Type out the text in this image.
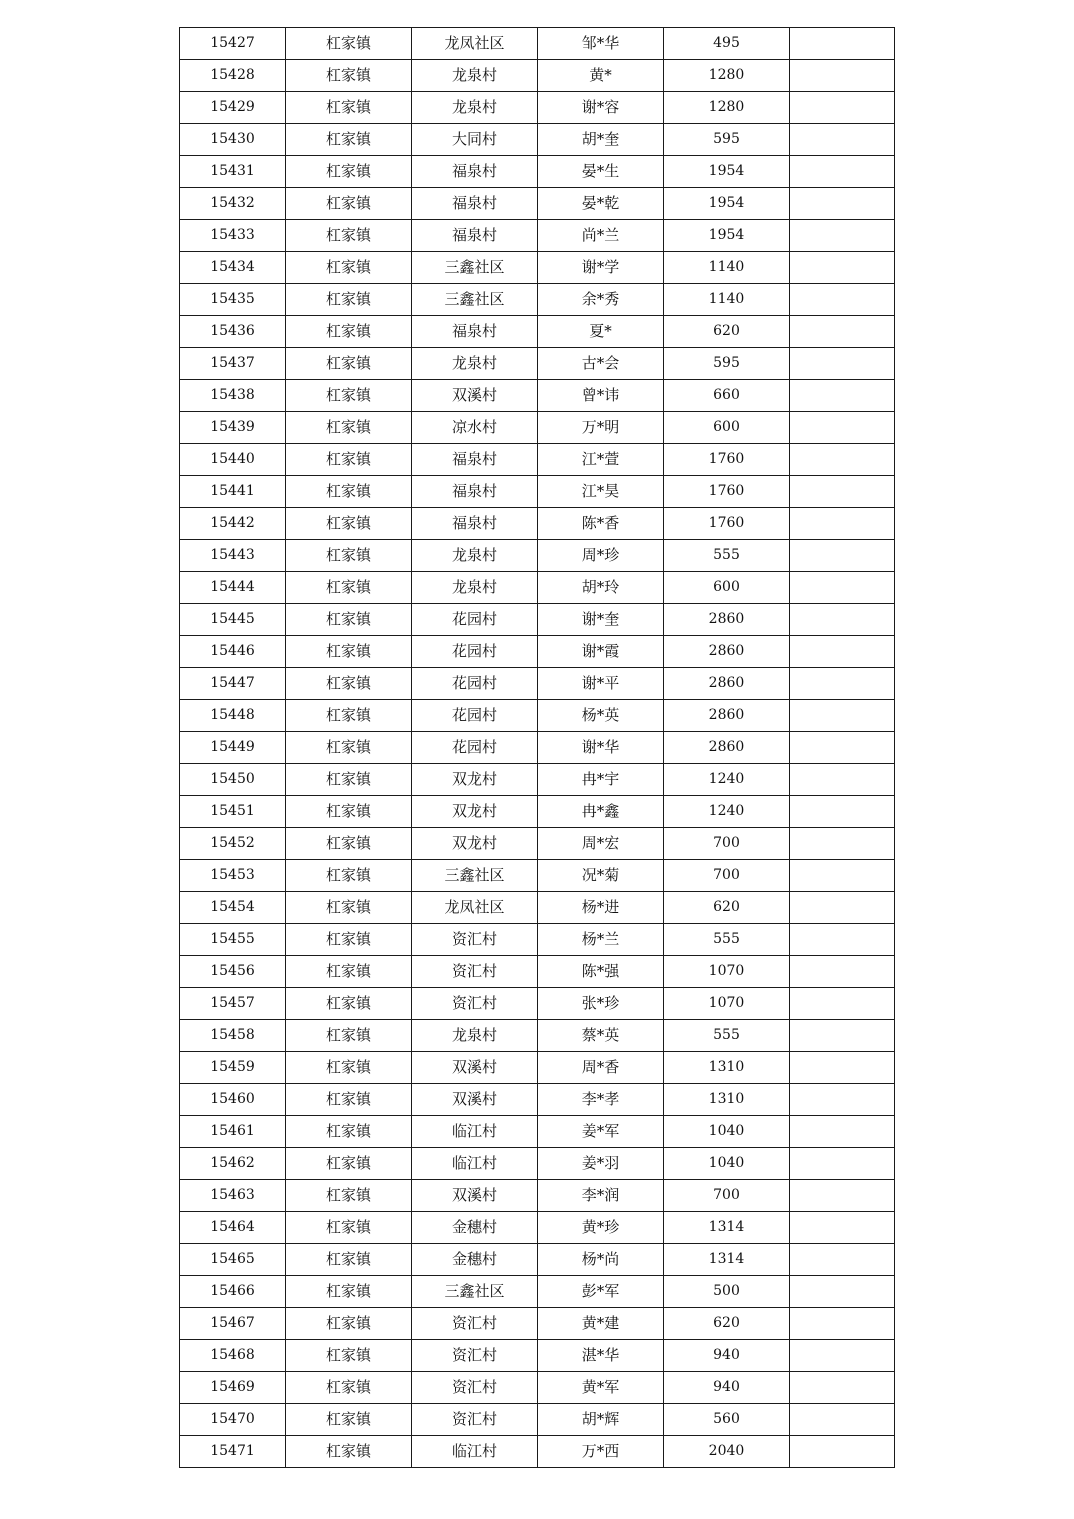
15427	杠家镇	龙凤社区	邹*华	495	
15428	杠家镇	龙泉村	黄*	1280	
15429	杠家镇	龙泉村	谢*容	1280	
15430	杠家镇	大同村	胡*奎	595	
15431	杠家镇	福泉村	晏*生	1954	
15432	杠家镇	福泉村	晏*乾	1954	
15433	杠家镇	福泉村	尚*兰	1954	
15434	杠家镇	三鑫社区	谢*学	1140	
15435	杠家镇	三鑫社区	余*秀	1140	
15436	杠家镇	福泉村	夏*	620	
15437	杠家镇	龙泉村	古*会	595	
15438	杠家镇	双溪村	曾*讳	660	
15439	杠家镇	凉水村	万*明	600	
15440	杠家镇	福泉村	江*萱	1760	
15441	杠家镇	福泉村	江*昊	1760	
15442	杠家镇	福泉村	陈*香	1760	
15443	杠家镇	龙泉村	周*珍	555	
15444	杠家镇	龙泉村	胡*玲	600	
15445	杠家镇	花园村	谢*奎	2860	
15446	杠家镇	花园村	谢*霞	2860	
15447	杠家镇	花园村	谢*平	2860	
15448	杠家镇	花园村	杨*英	2860	
15449	杠家镇	花园村	谢*华	2860	
15450	杠家镇	双龙村	冉*宇	1240	
15451	杠家镇	双龙村	冉*鑫	1240	
15452	杠家镇	双龙村	周*宏	700	
15453	杠家镇	三鑫社区	况*菊	700	
15454	杠家镇	龙凤社区	杨*进	620	
15455	杠家镇	资汇村	杨*兰	555	
15456	杠家镇	资汇村	陈*强	1070	
15457	杠家镇	资汇村	张*珍	1070	
15458	杠家镇	龙泉村	蔡*英	555	
15459	杠家镇	双溪村	周*香	1310	
15460	杠家镇	双溪村	李*孝	1310	
15461	杠家镇	临江村	姜*军	1040	
15462	杠家镇	临江村	姜*羽	1040	
15463	杠家镇	双溪村	李*润	700	
15464	杠家镇	金穗村	黄*珍	1314	
15465	杠家镇	金穗村	杨*尚	1314	
15466	杠家镇	三鑫社区	彭*军	500	
15467	杠家镇	资汇村	黄*建	620	
15468	杠家镇	资汇村	湛*华	940	
15469	杠家镇	资汇村	黄*军	940	
15470	杠家镇	资汇村	胡*辉	560	
15471	杠家镇	临江村	万*西	2040	
